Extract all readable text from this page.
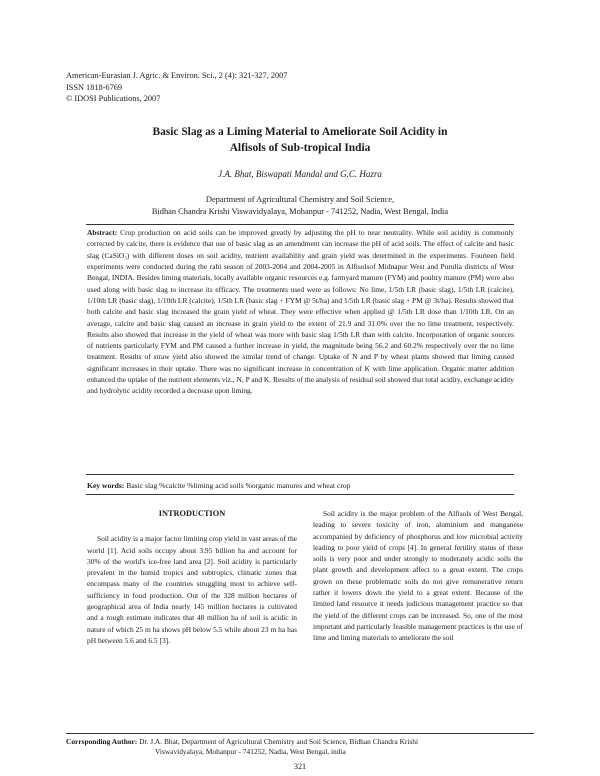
American-Eurasian J. Agric. & Environ. Sci., 2 (4): 321-327, 2007
ISSN 1818-6769
© IDOSI Publications, 2007
Basic Slag as a Liming Material to Ameliorate Soil Acidity in
Alfisols of Sub-tropical India
J.A. Bhat, Biswapati Mandal and G.C. Hazra
Department of Agricultural Chemistry and Soil Science,
Bidhan Chandra Krishi Viswavidyalaya, Mohanpur - 741252, Nadia, West Bengal, India
Abstract: Crop production on acid soils can be improved greatly by adjusting the pH to near neutrality. While soil acidity is commonly corrected by calcite, there is evidence that use of basic slag as an amendment can increase the pH of acid soils. The effect of calcite and basic slag (CaSiO₃) with different doses on soil acidity, nutrient availability and grain yield was determined in the experiments. Fourteen field experiments were conducted during the rabi season of 2003-2004 and 2004-2005 in Alfisolsof Midnapur West and Purulia districts of West Bengal, INDIA. Besides liming materials, locally available organic resources e.g. farmyard manure (FYM) and poultry manure (PM) were also used along with basic slag to increase its efficacy. The treatments used were as follows: No lime, 1/5th LR (basic slag), 1/5th LR (calcite), 1/10th LR (basic slag), 1/10th LR (calcite), 1/5th LR (basic slag + FYM @ 5t/ha) and 1/5th LR (basic slag + PM @ 3t/ha). Results showed that both calcite and basic slag increased the grain yield of wheat. They were effective when applied @ 1/5th LR dose than 1/10th LR. On an average, calcite and basic slag caused an increase in grain yield to the extent of 21.9 and 31.0% over the no lime treatment, respectively. Results also showed that increase in the yield of wheat was more with basic slag 1/5th LR than with calcite. Incorporation of organic sources of nutrients particularly FYM and PM caused a further increase in yield, the magnitude being 56.2 and 60.2% respectively over the no lime treatment. Results of straw yield also showed the similar trend of change. Uptake of N and P by wheat plants showed that liming caused significant increases in their uptake. There was no significant increase in concentration of K with lime application. Organic matter addition enhanced the uptake of the nutrient elements viz., N, P and K. Results of the analysis of residual soil showed that total acidity, exchange acidity and hydrolytic acidity recorded a decrease upon liming.
Key words: Basic slag %calcite %liming acid soils %organic manures and wheat crop
INTRODUCTION

Soil acidity is a major factor limiting crop yield in vast areas of the world [1]. Acid soils occupy about 3.95 billion ha and account for 30% of the world's ice-free land area [2]. Soil acidity is particularly prevalent in the humid tropics and subtropics, climatic zones that encompass many of the countries struggling most to achieve self-sufficiency in food production. Out of the 328 million hectares of geographical area of India nearly 145 million hectares is cultivated and a rough estimate indicates that 48 million ha of soil is acidic in nature of which 25 m ha shows pH below 5.5 while about 23 m ha has pH between 5.6 and 6.5 [3].

Soil acidity is the major problem of the Alfisols of West Bengal, leading to severe toxicity of iron, aluminium and manganese accompanied by deficiency of phosphorus and low microbial activity leading to poor yield of crops [4]. In general fertility status of these soils is very poor and under strongly to moderately acidic soils the plant growth and development affect to a great extent. The crops grown on these problematic soils do not give remunerative return rather it lowers down the yield to a great extent. Because of the limited land resource it needs judicious management practice so that the yield of the different crops can be increased. So, one of the most important and particularly feasible management practices is the use of lime and liming materials to ameliorate the soil

Corrsponding Author: Dr. J.A. Bhat, Department of Agricultural Chemistry and Soil Science, Bidhan Chandra Krishi
Viswavidyalaya, Mohanpur - 741252, Nadia, West Bengal, india
321
